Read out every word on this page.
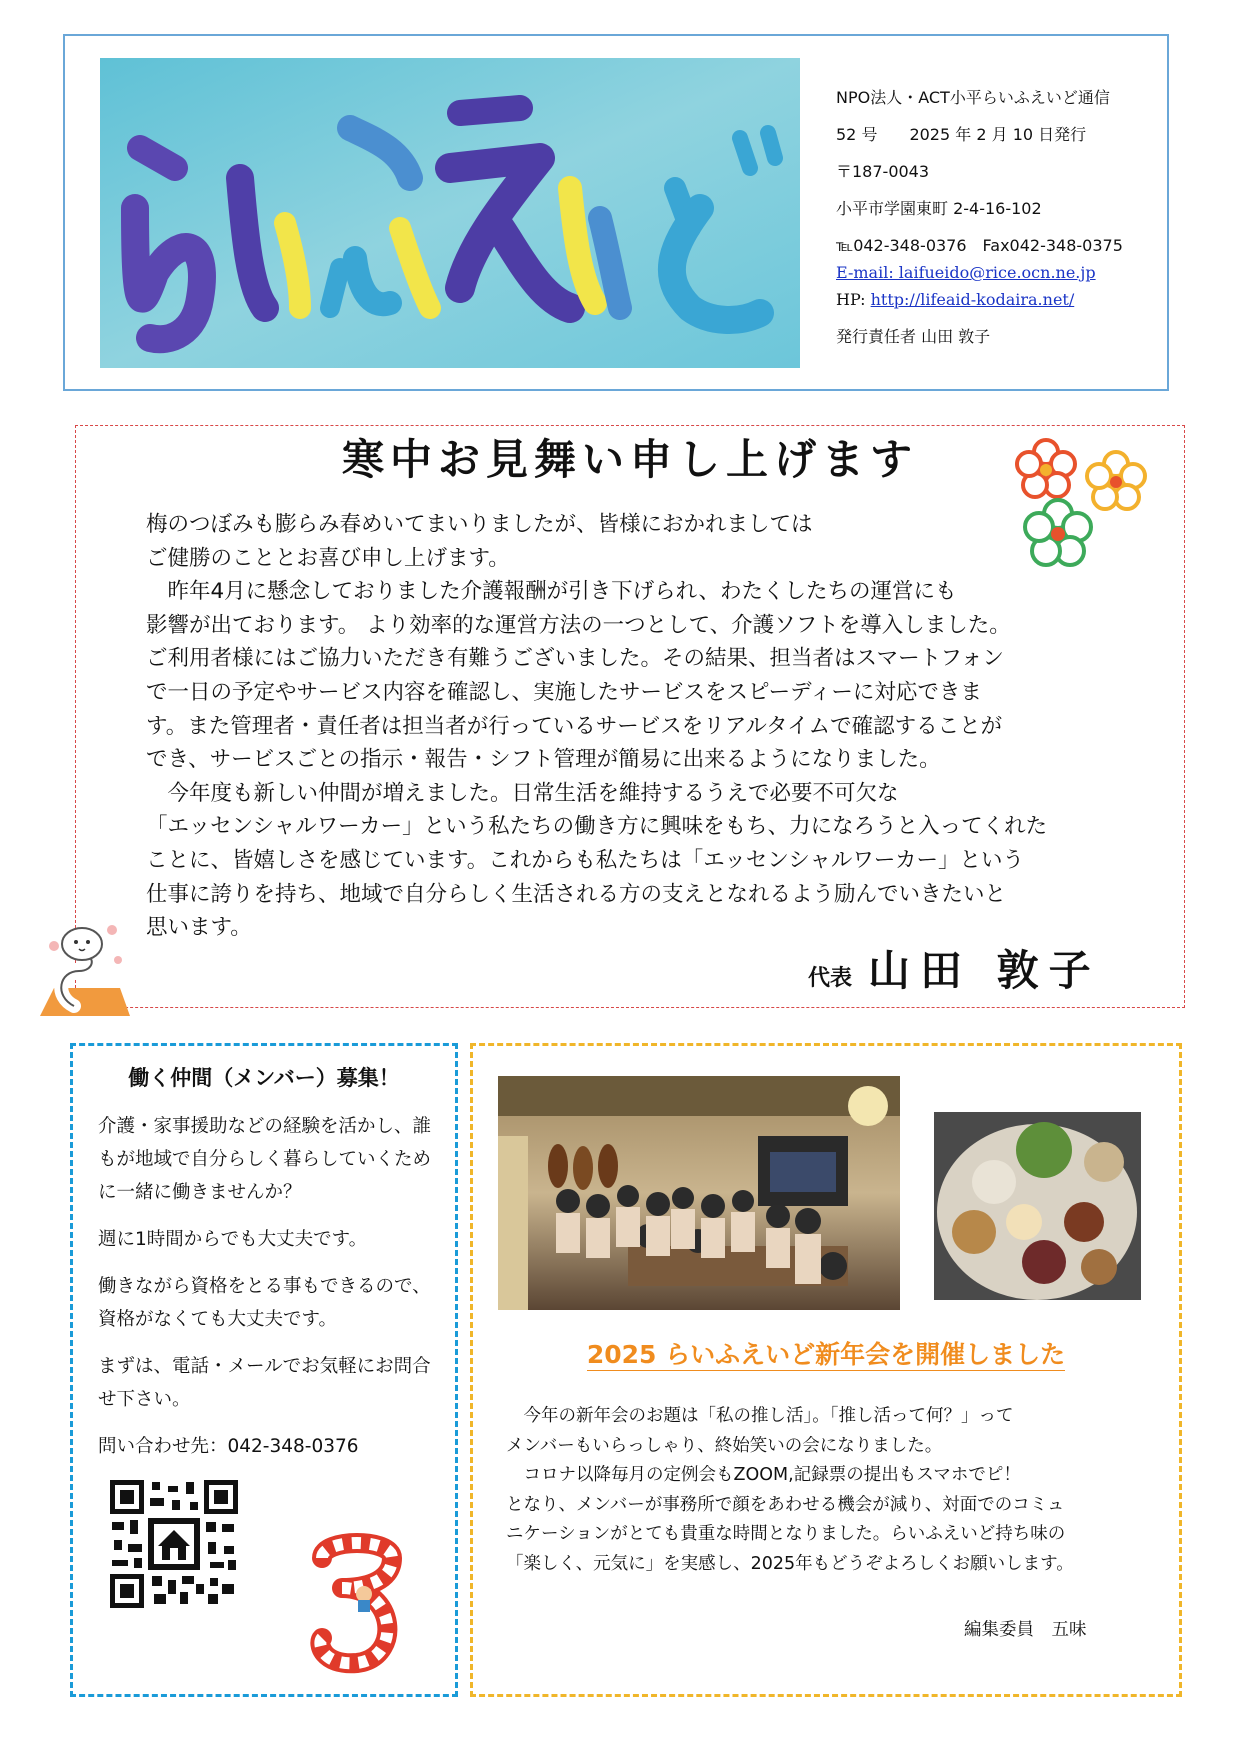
らいふえいど
NPO法人・ACT小平らいふえいど通信
52 号　　2025 年 2 月 10 日発行
〒187-0043
小平市学園東町 2-4-16-102
℡042-348-0376　Fax042-348-0375
E-mail: laifueido@rice.ocn.ne.jp
HP: http://lifeaid-kodaira.net/
発行責任者 山田 敦子
寒中お見舞い申し上げます

梅のつぼみも膨らみ春めいてまいりましたが、皆様におかれましては

ご健勝のこととお喜び申し上げます。

　昨年4月に懸念しておりました介護報酬が引き下げられ、わたくしたちの運営にも

影響が出ております。 より効率的な運営方法の一つとして、介護ソフトを導入しました。

ご利用者様にはご協力いただき有難うございました。その結果、担当者はスマートフォン

で一日の予定やサービス内容を確認し、実施したサービスをスピーディーに対応できま

す。また管理者・責任者は担当者が行っているサービスをリアルタイムで確認することが

でき、サービスごとの指示・報告・シフト管理が簡易に出来るようになりました。

　今年度も新しい仲間が増えました。日常生活を維持するうえで必要不可欠な

「エッセンシャルワーカー」という私たちの働き方に興味をもち、力になろうと入ってくれた

ことに、皆嬉しさを感じています。これからも私たちは「エッセンシャルワーカー」という

仕事に誇りを持ち、地域で自分らしく生活される方の支えとなれるよう励んでいきたいと

思います。

代表 山田 敦子
働く仲間（メンバー）募集！

介護・家事援助などの経験を活かし、誰もが地域で自分らしく暮らしていくために一緒に働きませんか？

週に1時間からでも大丈夫です。

働きながら資格をとる事もできるので、資格がなくても大丈夫です。

まずは、電話・メールでお気軽にお問合せ下さい。

問い合わせ先：042-348-0376

2025 らいふえいど新年会を開催しました

　今年の新年会のお題は「私の推し活」。「推し活って何？」って

メンバーもいらっしゃり、終始笑いの会になりました。

　コロナ以降毎月の定例会もZOOM,記録票の提出もスマホでピ！

となり、メンバーが事務所で顔をあわせる機会が減り、対面でのコミュ

ニケーションがとても貴重な時間となりました。らいふえいど持ち味の

「楽しく、元気に」を実感し、2025年もどうぞよろしくお願いします。

編集委員　五味
